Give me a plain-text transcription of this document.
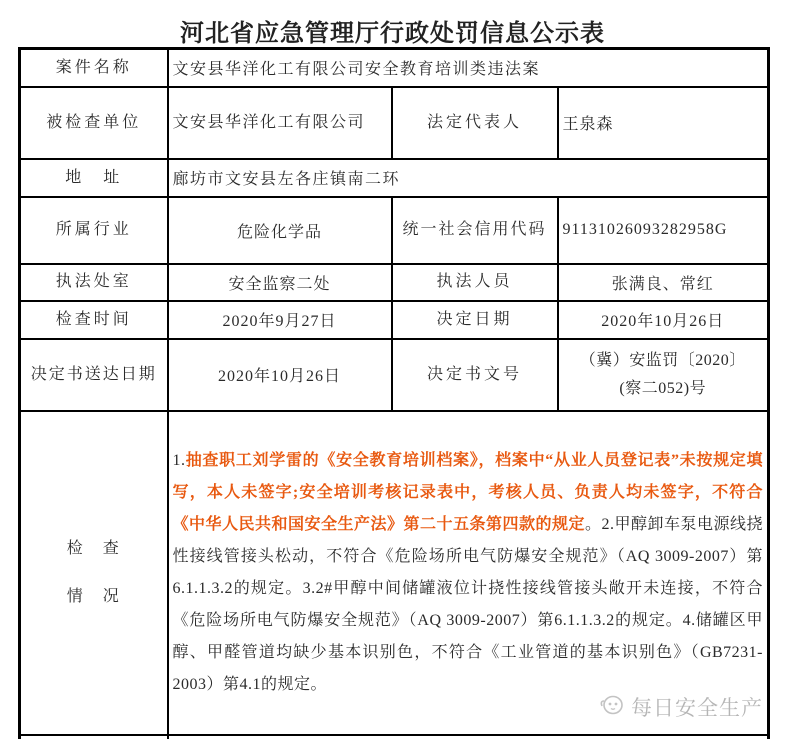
河北省应急管理厅行政处罚信息公示表
案件名称	文安县华洋化工有限公司安全教育培训类违法案		
被检查单位	文安县华洋化工有限公司	法定代表人	王泉森
地　址	廊坊市文安县左各庄镇南二环		
所属行业	危险化学品	统一社会信用代码	91131026093282958G
执法处室	安全监察二处	执法人员	张满良、常红
检查时间	2020年9月27日	决定日期	2020年10月26日
决定书送达日期	2020年10月26日	决定书文号	（冀）安监罚〔2020〕
(察二052)号

检　查
情　况	1.抽查职工刘学雷的《安全教育培训档案》，档案中“从业人员登记表”未按规定填写，本人未签字;安全培训考核记录表中，考核人员、负责人均未签字，不符合《中华人民共和国安全生产法》第二十五条第四款的规定。2.甲醇卸车泵电源线挠性接线管接头松动，不符合《危险场所电气防爆安全规范》（AQ 3009-2007）第6.1.1.3.2的规定。3.2#甲醇中间储罐液位计挠性接线管接头敞开未连接，不符合《危险场所电气防爆安全规范》（AQ 3009-2007）第6.1.1.3.2的规定。4.储罐区甲醇、甲醛管道均缺少基本识别色，不符合《工业管道的基本识别色》（GB7231-2003）第4.1的规定。		

每日安全生产
